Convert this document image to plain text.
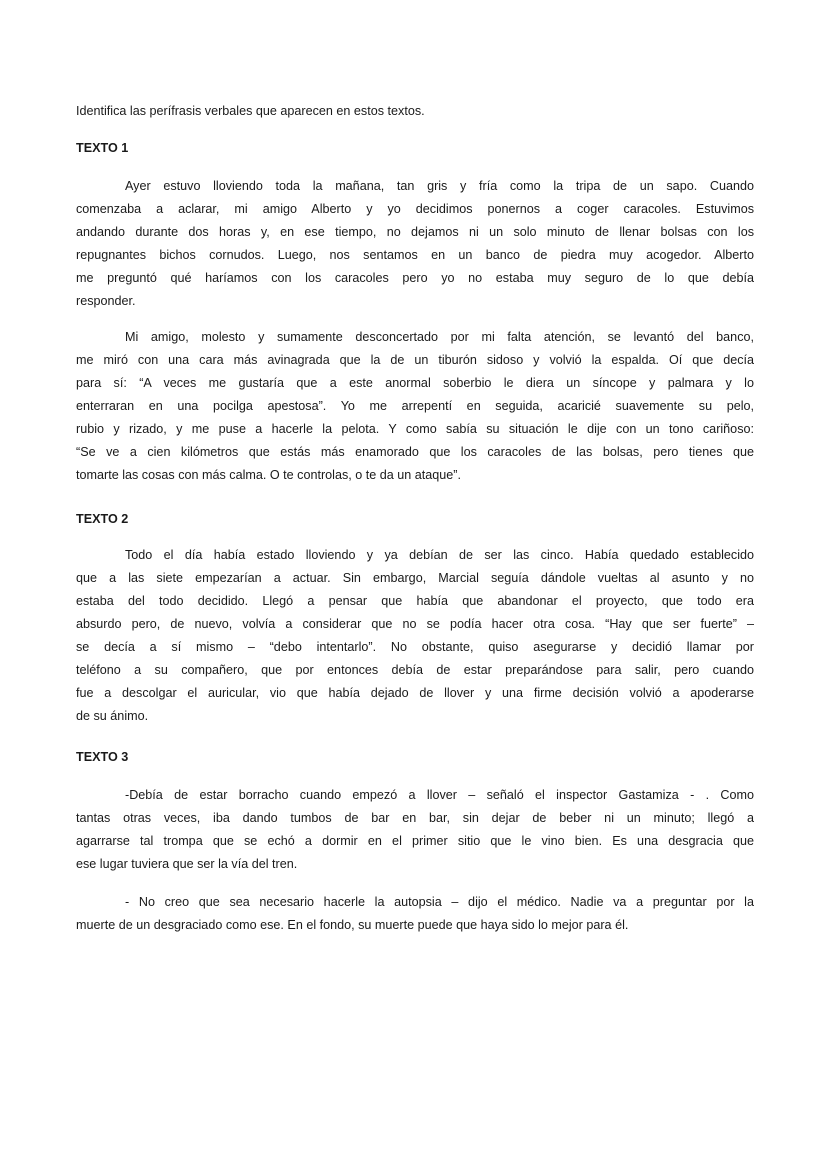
Identifica las perífrasis verbales que aparecen en estos textos.
TEXTO 1
Ayer estuvo lloviendo toda la mañana, tan gris y fría como la tripa de un sapo. Cuando
comenzaba a aclarar, mi amigo Alberto y yo decidimos ponernos a coger caracoles. Estuvimos
andando durante dos horas y, en ese tiempo, no dejamos ni un solo minuto de llenar bolsas con los
repugnantes bichos cornudos. Luego, nos sentamos en un banco de piedra muy acogedor. Alberto
me preguntó qué haríamos con los caracoles pero yo no estaba muy seguro de lo que debía
responder.
Mi amigo, molesto y sumamente desconcertado por mi falta atención, se levantó del banco,
me miró con una cara más avinagrada que la de un tiburón sidoso y volvió la espalda. Oí que decía
para sí: “A veces me gustaría que a este anormal soberbio le diera un síncope y palmara y lo
enterraran en una pocilga apestosa”. Yo me arrepentí en seguida, acaricié suavemente su pelo,
rubio y rizado, y me puse a hacerle la pelota. Y como sabía su situación le dije con un tono cariñoso:
“Se ve a cien kilómetros que estás más enamorado que los caracoles de las bolsas, pero tienes que
tomarte las cosas con más calma. O te controlas, o te da un ataque”.
TEXTO 2
Todo el día había estado lloviendo y ya debían de ser las cinco. Había quedado establecido
que a las siete empezarían a actuar. Sin embargo, Marcial seguía dándole vueltas al asunto y no
estaba del todo decidido. Llegó a pensar que había que abandonar el proyecto, que todo era
absurdo pero, de nuevo, volvía a considerar que no se podía hacer otra cosa. “Hay que ser fuerte” –
se decía a sí mismo – “debo intentarlo”. No obstante, quiso asegurarse y decidió llamar por
teléfono a su compañero, que por entonces debía de estar preparándose para salir, pero cuando
fue a descolgar el auricular, vio que había dejado de llover y una firme decisión volvió a apoderarse
de su ánimo.
TEXTO 3
-Debía de estar borracho cuando empezó a llover – señaló el inspector Gastamiza - . Como
tantas otras veces, iba dando tumbos de bar en bar, sin dejar de beber ni un minuto; llegó a
agarrarse tal trompa que se echó a dormir en el primer sitio que le vino bien. Es una desgracia que
ese lugar tuviera que ser la vía del tren.
- No creo que sea necesario hacerle la autopsia – dijo el médico. Nadie va a preguntar por la
muerte de un desgraciado como ese. En el fondo, su muerte puede que haya sido lo mejor para él.
